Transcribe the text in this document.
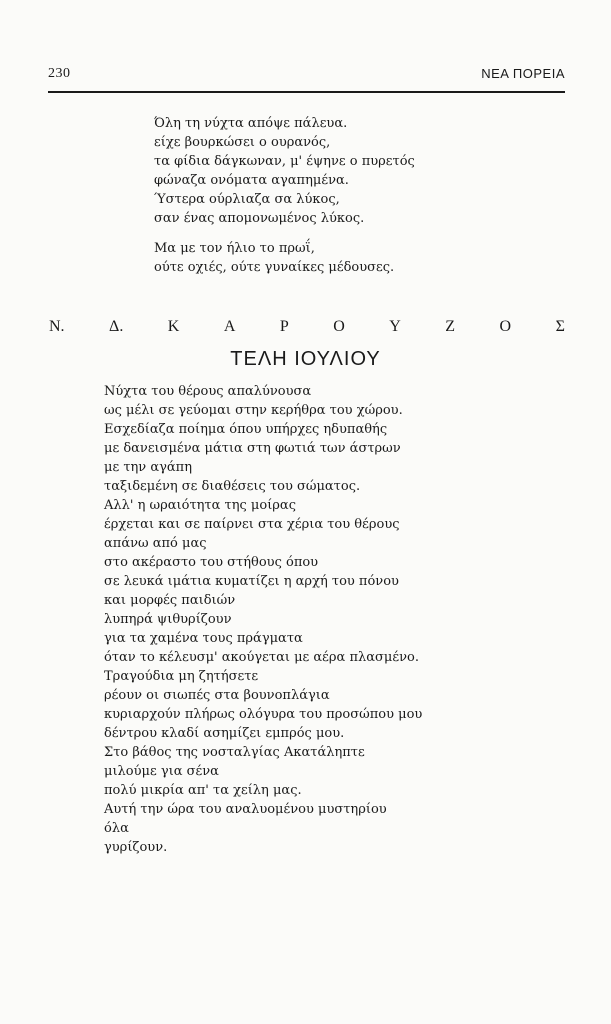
230	ΝΕΑ ΠΟΡΕΙΑ
Όλη τη νύχτα απόψε πάλευα.
είχε βουρκώσει ο ουρανός,
τα φίδια δάγκωναν, μ' έψηνε ο πυρετός
φώναζα ονόματα αγαπημένα.
Ύστερα ούρλιαζα σα λύκος,
σαν ένας απομονωμένος λύκος.
Μα με τον ήλιο το πρωΐ,
ούτε οχιές, ούτε γυναίκες μέδουσες.
Ν.	Δ.	Κ	Α	Ρ	Ο	Υ	Ζ	Ο	Σ
ΤΕΛΗ ΙΟΥΛΙΟΥ
Νύχτα του θέρους απαλύνουσα
ως μέλι σε γεύομαι στην κερήθρα του χώρου.
Εσχεδίαζα ποίημα όπου υπήρχες ηδυπαθής
με δανεισμένα μάτια στη φωτιά των άστρων
με την αγάπη
ταξιδεμένη σε διαθέσεις του σώματος.
Αλλ' η ωραιότητα της μοίρας
έρχεται και σε παίρνει στα χέρια του θέρους
απάνω από μας
στο ακέραστο του στήθους όπου
σε λευκά ιμάτια κυματίζει η αρχή του πόνου
και μορφές παιδιών
λυπηρά ψιθυρίζουν
για τα χαμένα τους πράγματα
όταν το κέλευσμ' ακούγεται με αέρα πλασμένο.
Τραγούδια μη ζητήσετε
ρέουν οι σιωπές στα βουνοπλάγια
κυριαρχούν πλήρως ολόγυρα του προσώπου μου
δέντρου κλαδί ασημίζει εμπρός μου.
Στο βάθος της νοσταλγίας Ακατάληπτε
μιλούμε για σένα
πολύ μικρία απ' τα χείλη μας.
Αυτή την ώρα του αναλυομένου μυστηρίου
όλα
γυρίζουν.
